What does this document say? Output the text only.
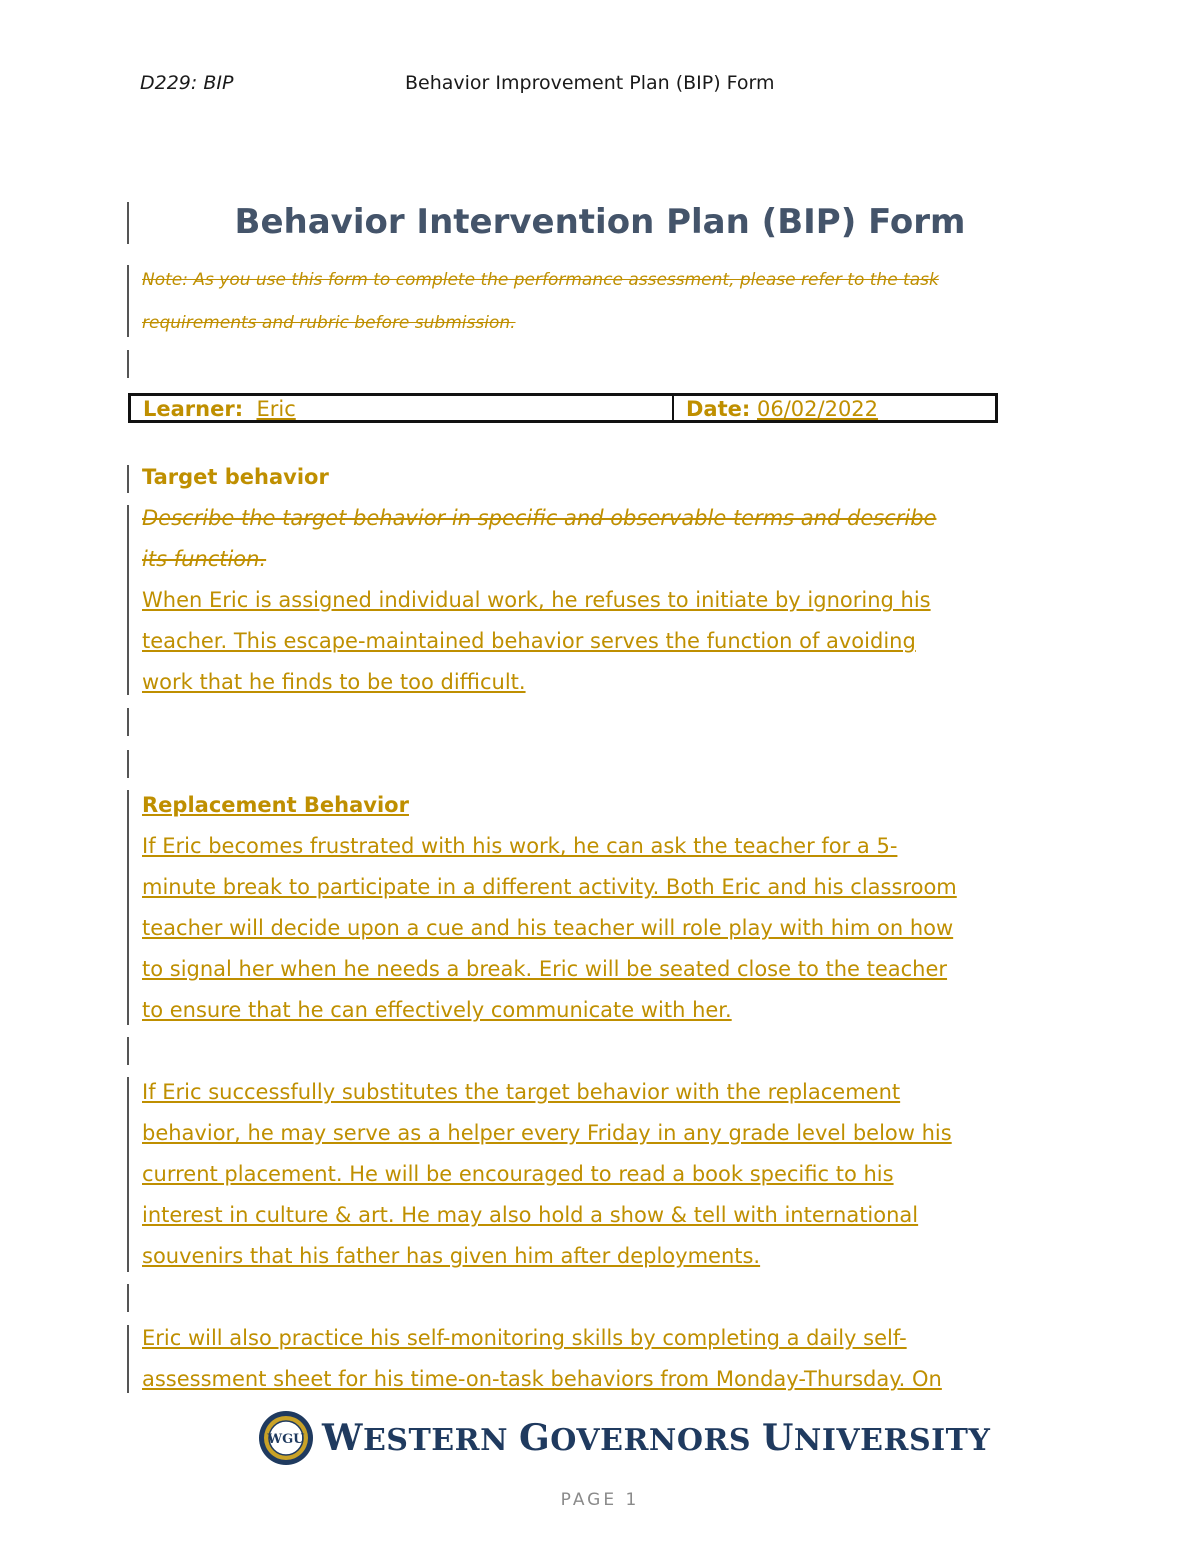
D229: BIP	Behavior Improvement Plan (BIP) Form
Behavior Intervention Plan (BIP) Form
Note: As you use this form to complete the performance assessment, please refer to the task
requirements and rubric before submission.
Learner: Eric	Date: 06/02/2022
Target behavior
Describe the target behavior in specific and observable terms and describe
its function.
When Eric is assigned individual work, he refuses to initiate by ignoring his
teacher. This escape-maintained behavior serves the function of avoiding
work that he finds to be too difficult.
Replacement Behavior
If Eric becomes frustrated with his work, he can ask the teacher for a 5-
minute break to participate in a different activity. Both Eric and his classroom
teacher will decide upon a cue and his teacher will role play with him on how
to signal her when he needs a break. Eric will be seated close to the teacher
to ensure that he can effectively communicate with her.
If Eric successfully substitutes the target behavior with the replacement
behavior, he may serve as a helper every Friday in any grade level below his
current placement. He will be encouraged to read a book specific to his
interest in culture & art. He may also hold a show & tell with international
souvenirs that his father has given him after deployments.
Eric will also practice his self-monitoring skills by completing a daily self-
assessment sheet for his time-on-task behaviors from Monday-Thursday. On
WGU WESTERN GOVERNORS UNIVERSITY
PAGE 1
